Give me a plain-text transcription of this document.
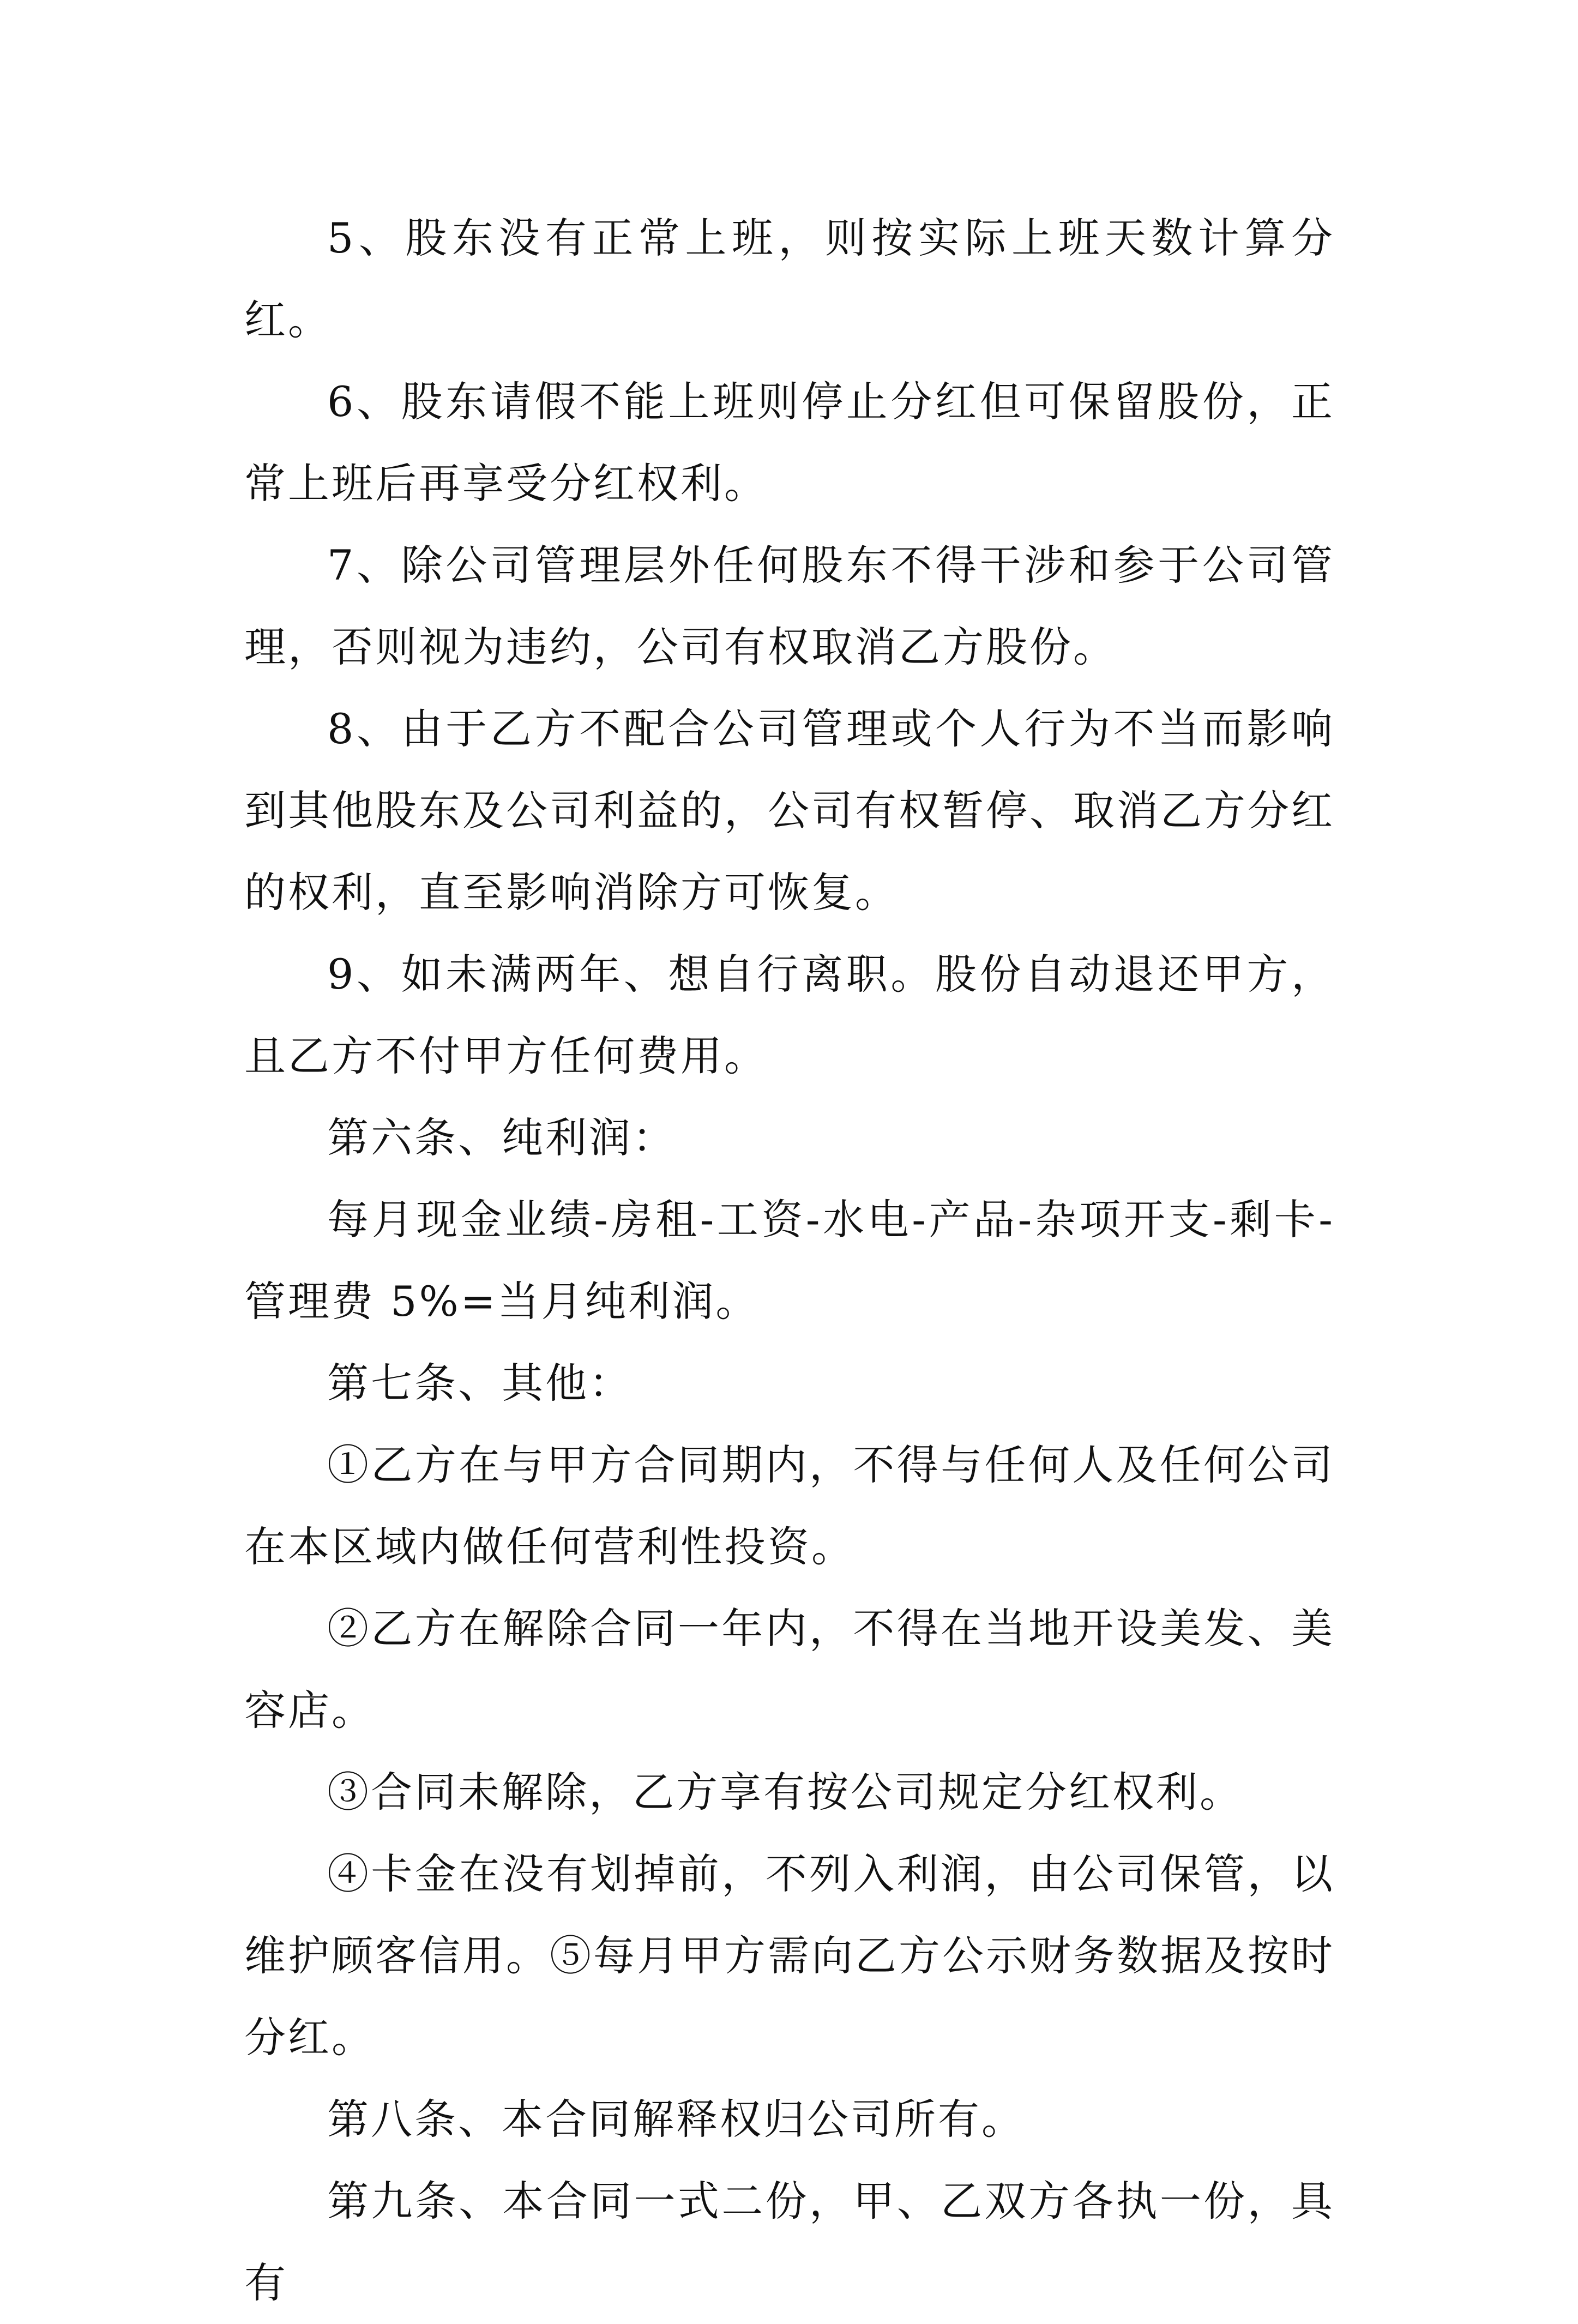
5、股东没有正常上班，则按实际上班天数计算分红。

6、股东请假不能上班则停止分红但可保留股份，正常上班后再享受分红权利。

7、除公司管理层外任何股东不得干涉和参于公司管理，否则视为违约，公司有权取消乙方股份。

8、由于乙方不配合公司管理或个人行为不当而影响到其他股东及公司利益的，公司有权暂停、取消乙方分红的权利，直至影响消除方可恢复。

9、如未满两年、想自行离职。股份自动退还甲方，且乙方不付甲方任何费用。

第六条、纯利润：

每月现金业绩-房租-工资-水电-产品-杂项开支-剩卡-管理费 5%=当月纯利润。

第七条、其他：

①乙方在与甲方合同期内，不得与任何人及任何公司在本区域内做任何营利性投资。

②乙方在解除合同一年内，不得在当地开设美发、美容店。

③合同未解除，乙方享有按公司规定分红权利。

④卡金在没有划掉前，不列入利润，由公司保管，以维护顾客信用。⑤每月甲方需向乙方公示财务数据及按时分红。

第八条、本合同解释权归公司所有。

第九条、本合同一式二份，甲、乙双方各执一份，具有
